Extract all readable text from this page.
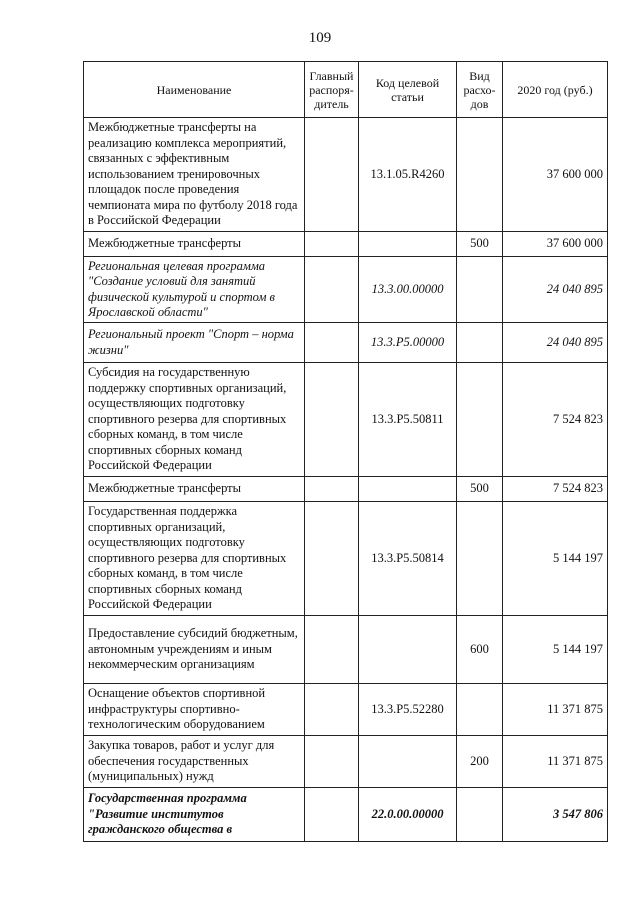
109
Наименование	Главный распоря-дитель	Код целевой статьи	Вид расхо-дов	2020 год (руб.)
Межбюджетные трансферты на реализацию комплекса мероприятий, связанных с эффективным использованием тренировочных площадок после проведения чемпионата мира по футболу 2018 года в Российской Федерации		13.1.05.R4260		37 600 000
Межбюджетные трансферты			500	37 600 000
Региональная целевая программа "Создание условий для занятий физической культурой и спортом в Ярославской области"		13.3.00.00000		24 040 895
Региональный проект "Спорт – норма жизни"		13.3.P5.00000		24 040 895
Субсидия на государственную поддержку спортивных организаций, осуществляющих подготовку спортивного резерва для спортивных сборных команд, в том числе спортивных сборных команд Российской Федерации		13.3.P5.50811		7 524 823
Межбюджетные трансферты			500	7 524 823
Государственная поддержка спортивных организаций, осуществляющих подготовку спортивного резерва для спортивных сборных команд, в том числе спортивных сборных команд Российской Федерации		13.3.P5.50814		5 144 197
Предоставление субсидий бюджетным, автономным учреждениям и иным некоммерческим организациям			600	5 144 197
Оснащение объектов спортивной инфраструктуры спортивно-технологическим оборудованием		13.3.P5.52280		11 371 875
Закупка товаров, работ и услуг для обеспечения государственных (муниципальных) нужд			200	11 371 875
Государственная программа "Развитие институтов гражданского общества в		22.0.00.00000		3 547 806
